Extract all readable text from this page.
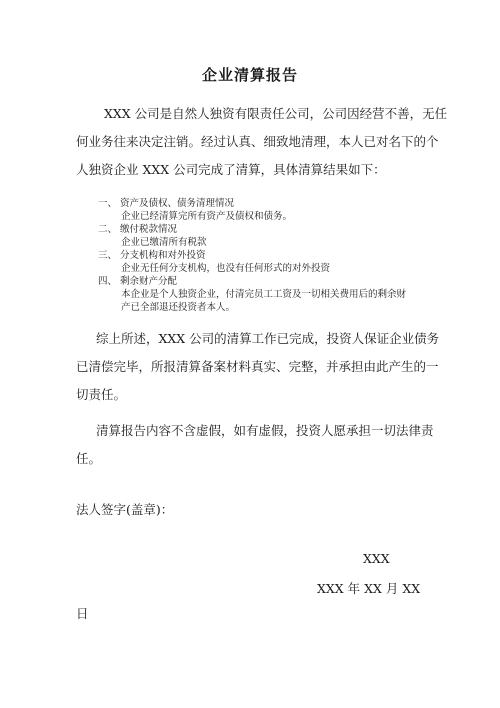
企业清算报告
XXX 公司是自然人独资有限责任公司，公司因经营不善，无任
何业务往来决定注销。经过认真、细致地清理，本人已对名下的个
人独资企业 XXX 公司完成了清算，具体清算结果如下：
一、 资产及债权、债务清理情况
企业已经清算完所有资产及债权和债务。
二、 缴付税款情况
企业已缴清所有税款
三、 分支机构和对外投资
企业无任何分支机构，也没有任何形式的对外投资
四、 剩余财产分配
本企业是个人独资企业，付清完员工工资及一切相关费用后的剩余财
产已全部退还投资者本人。
综上所述，XXX 公司的清算工作已完成，投资人保证企业债务
已清偿完毕，所报清算备案材料真实、完整，并承担由此产生的一
切责任。
清算报告内容不含虚假，如有虚假，投资人愿承担一切法律责
任。
法人签字(盖章)：
XXX
XXX 年 XX 月 XX
日
